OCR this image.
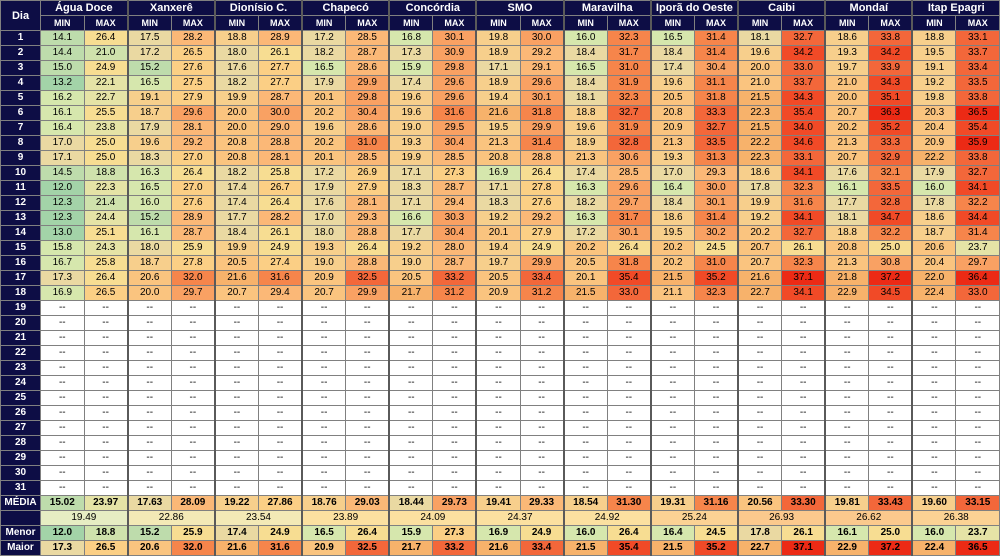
Dia	Água Doce		Xanxerê		Dionísio C.		Chapecó		Concórdia		SMO		Maravilha		Iporã do Oeste		Caibi		Mondaí		Itap Epagri	
	MIN	MAX	MIN	MAX	MIN	MAX	MIN	MAX	MIN	MAX	MIN	MAX	MIN	MAX	MIN	MAX	MIN	MAX	MIN	MAX	MIN	MAX
1	14.1	26.4	17.5	28.2	18.8	28.9	17.2	28.5	16.8	30.1	19.8	30.0	16.0	32.3	16.5	31.4	18.1	32.7	18.6	33.8	18.8	33.1
2	14.4	21.0	17.2	26.5	18.0	26.1	18.2	28.7	17.3	30.9	18.9	29.2	18.4	31.7	18.4	31.4	19.6	34.2	19.3	34.2	19.5	33.7
3	15.0	24.9	15.2	27.6	17.6	27.7	16.5	28.6	15.9	29.8	17.1	29.1	16.5	31.0	17.4	30.4	20.0	33.0	19.7	33.9	19.1	33.4
4	13.2	22.1	16.5	27.5	18.2	27.7	17.9	29.9	17.4	29.6	18.9	29.6	18.4	31.9	19.6	31.1	21.0	33.7	21.0	34.3	19.2	33.5
5	16.2	22.7	19.1	27.9	19.9	28.7	20.1	29.8	19.6	29.6	19.4	30.1	18.1	32.3	20.5	31.8	21.5	34.3	20.0	35.1	19.8	33.8
6	16.1	25.5	18.7	29.6	20.0	30.0	20.2	30.4	19.6	31.6	21.6	31.8	18.8	32.7	20.8	33.3	22.3	35.4	20.7	36.3	20.3	36.5
7	16.4	23.8	17.9	28.1	20.0	29.0	19.6	28.6	19.0	29.5	19.5	29.9	19.6	31.9	20.9	32.7	21.5	34.0	20.2	35.2	20.4	35.4
8	17.0	25.0	19.6	29.2	20.8	28.8	20.2	31.0	19.3	30.4	21.3	31.4	18.9	32.8	21.3	33.5	22.2	34.6	21.3	33.3	20.9	35.9
9	17.1	25.0	18.3	27.0	20.8	28.1	20.1	28.5	19.9	28.5	20.8	28.8	21.3	30.6	19.3	31.3	22.3	33.1	20.7	32.9	22.2	33.8
10	14.5	18.8	16.3	26.4	18.2	25.8	17.2	26.9	17.1	27.3	16.9	26.4	17.4	28.5	17.0	29.3	18.6	34.1	17.6	32.1	17.9	32.7
11	12.0	22.3	16.5	27.0	17.4	26.7	17.9	27.9	18.3	28.7	17.1	27.8	16.3	29.6	16.4	30.0	17.8	32.3	16.1	33.5	16.0	34.1
12	12.3	21.4	16.0	27.6	17.4	26.4	17.6	28.1	17.1	29.4	18.3	27.6	18.2	29.7	18.4	30.1	19.9	31.6	17.7	32.8	17.8	32.2
13	12.3	24.4	15.2	28.9	17.7	28.2	17.0	29.3	16.6	30.3	19.2	29.2	16.3	31.7	18.6	31.4	19.2	34.1	18.1	34.7	18.6	34.4
14	13.0	25.1	16.1	28.7	18.4	26.1	18.0	28.8	17.7	30.4	20.1	27.9	17.2	30.1	19.5	30.2	20.2	32.7	18.8	32.2	18.7	31.4
15	15.8	24.3	18.0	25.9	19.9	24.9	19.3	26.4	19.2	28.0	19.4	24.9	20.2	26.4	20.2	24.5	20.7	26.1	20.8	25.0	20.6	23.7
16	16.7	25.8	18.7	27.8	20.5	27.4	19.0	28.8	19.0	28.7	19.7	29.9	20.5	31.8	20.2	31.0	20.7	32.3	21.3	30.8	20.4	29.7
17	17.3	26.4	20.6	32.0	21.6	31.6	20.9	32.5	20.5	33.2	20.5	33.4	20.1	35.4	21.5	35.2	21.6	37.1	21.8	37.2	22.0	36.4
18	16.9	26.5	20.0	29.7	20.7	29.4	20.7	29.9	21.7	31.2	20.9	31.2	21.5	33.0	21.1	32.3	22.7	34.1	22.9	34.5	22.4	33.0
19	--	--	--	--	--	--	--	--	--	--	--	--	--	--	--	--	--	--	--	--	--	--
20	--	--	--	--	--	--	--	--	--	--	--	--	--	--	--	--	--	--	--	--	--	--
21	--	--	--	--	--	--	--	--	--	--	--	--	--	--	--	--	--	--	--	--	--	--
22	--	--	--	--	--	--	--	--	--	--	--	--	--	--	--	--	--	--	--	--	--	--
23	--	--	--	--	--	--	--	--	--	--	--	--	--	--	--	--	--	--	--	--	--	--
24	--	--	--	--	--	--	--	--	--	--	--	--	--	--	--	--	--	--	--	--	--	--
25	--	--	--	--	--	--	--	--	--	--	--	--	--	--	--	--	--	--	--	--	--	--
26	--	--	--	--	--	--	--	--	--	--	--	--	--	--	--	--	--	--	--	--	--	--
27	--	--	--	--	--	--	--	--	--	--	--	--	--	--	--	--	--	--	--	--	--	--
28	--	--	--	--	--	--	--	--	--	--	--	--	--	--	--	--	--	--	--	--	--	--
29	--	--	--	--	--	--	--	--	--	--	--	--	--	--	--	--	--	--	--	--	--	--
30	--	--	--	--	--	--	--	--	--	--	--	--	--	--	--	--	--	--	--	--	--	--
31	--	--	--	--	--	--	--	--	--	--	--	--	--	--	--	--	--	--	--	--	--	--
MÉDIA	15.02	23.97	17.63	28.09	19.22	27.86	18.76	29.03	18.44	29.73	19.41	29.33	18.54	31.30	19.31	31.16	20.56	33.30	19.81	33.43	19.60	33.15
	19.49		22.86		23.54		23.89		24.09		24.37		24.92		25.24		26.93		26.62		26.38	
Menor	12.0	18.8	15.2	25.9	17.4	24.9	16.5	26.4	15.9	27.3	16.9	24.9	16.0	26.4	16.4	24.5	17.8	26.1	16.1	25.0	16.0	23.7
Maior	17.3	26.5	20.6	32.0	21.6	31.6	20.9	32.5	21.7	33.2	21.6	33.4	21.5	35.4	21.5	35.2	22.7	37.1	22.9	37.2	22.4	36.5
